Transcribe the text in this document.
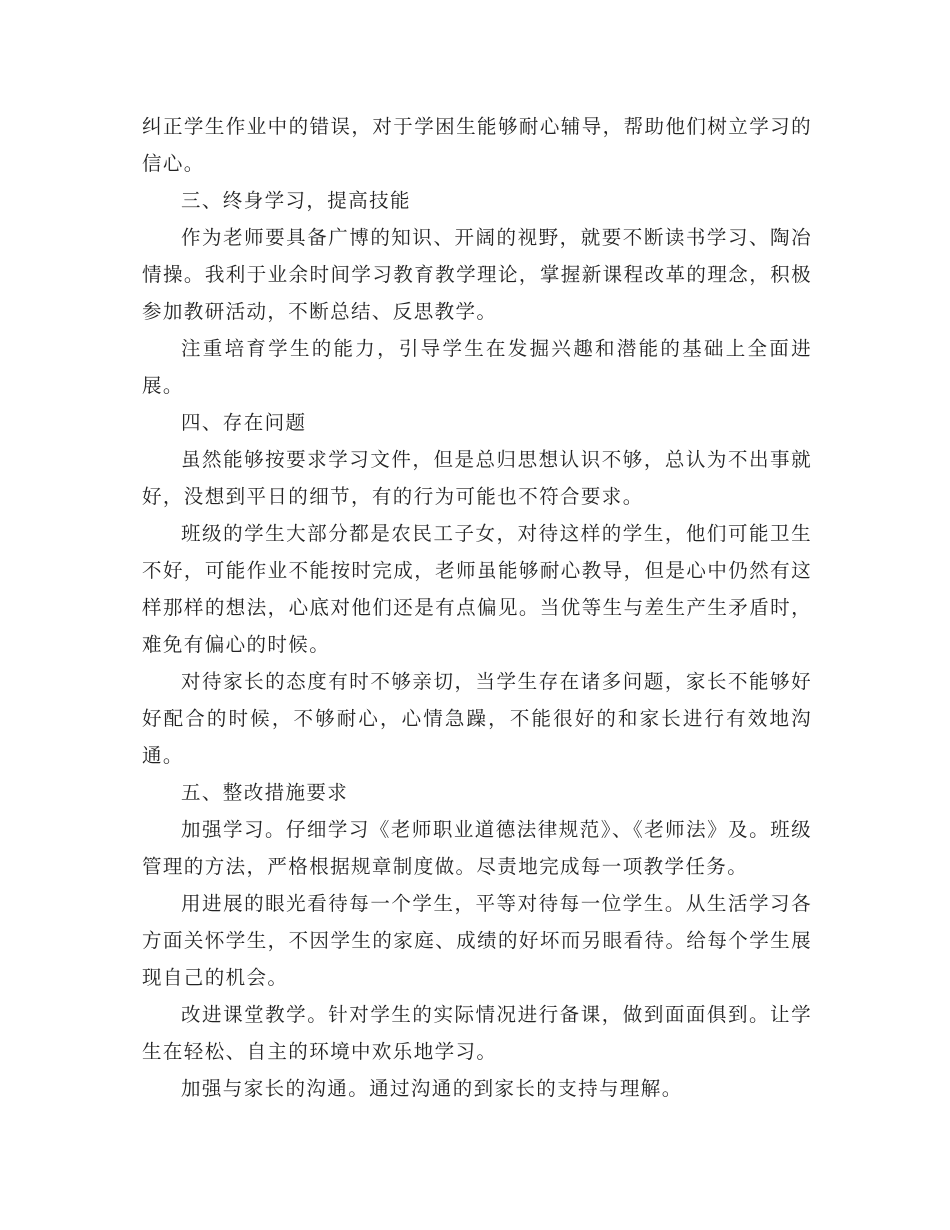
纠正学生作业中的错误，对于学困生能够耐心辅导，帮助他们树立学习的信心。

三、终身学习，提高技能

作为老师要具备广博的知识、开阔的视野，就要不断读书学习、陶冶情操。我利于业余时间学习教育教学理论，掌握新课程改革的理念，积极参加教研活动，不断总结、反思教学。

注重培育学生的能力，引导学生在发掘兴趣和潜能的基础上全面进展。

四、存在问题

虽然能够按要求学习文件，但是总归思想认识不够，总认为不出事就好，没想到平日的细节，有的行为可能也不符合要求。

班级的学生大部分都是农民工子女，对待这样的学生，他们可能卫生不好，可能作业不能按时完成，老师虽能够耐心教导，但是心中仍然有这样那样的想法，心底对他们还是有点偏见。当优等生与差生产生矛盾时，难免有偏心的时候。

对待家长的态度有时不够亲切，当学生存在诸多问题，家长不能够好好配合的时候，不够耐心，心情急躁，不能很好的和家长进行有效地沟通。

五、整改措施要求

加强学习。仔细学习《老师职业道德法律规范》、《老师法》及。班级管理的方法，严格根据规章制度做。尽责地完成每一项教学任务。

用进展的眼光看待每一个学生，平等对待每一位学生。从生活学习各方面关怀学生，不因学生的家庭、成绩的好坏而另眼看待。给每个学生展现自己的机会。

改进课堂教学。针对学生的实际情况进行备课，做到面面俱到。让学生在轻松、自主的环境中欢乐地学习。

加强与家长的沟通。通过沟通的到家长的支持与理解。
